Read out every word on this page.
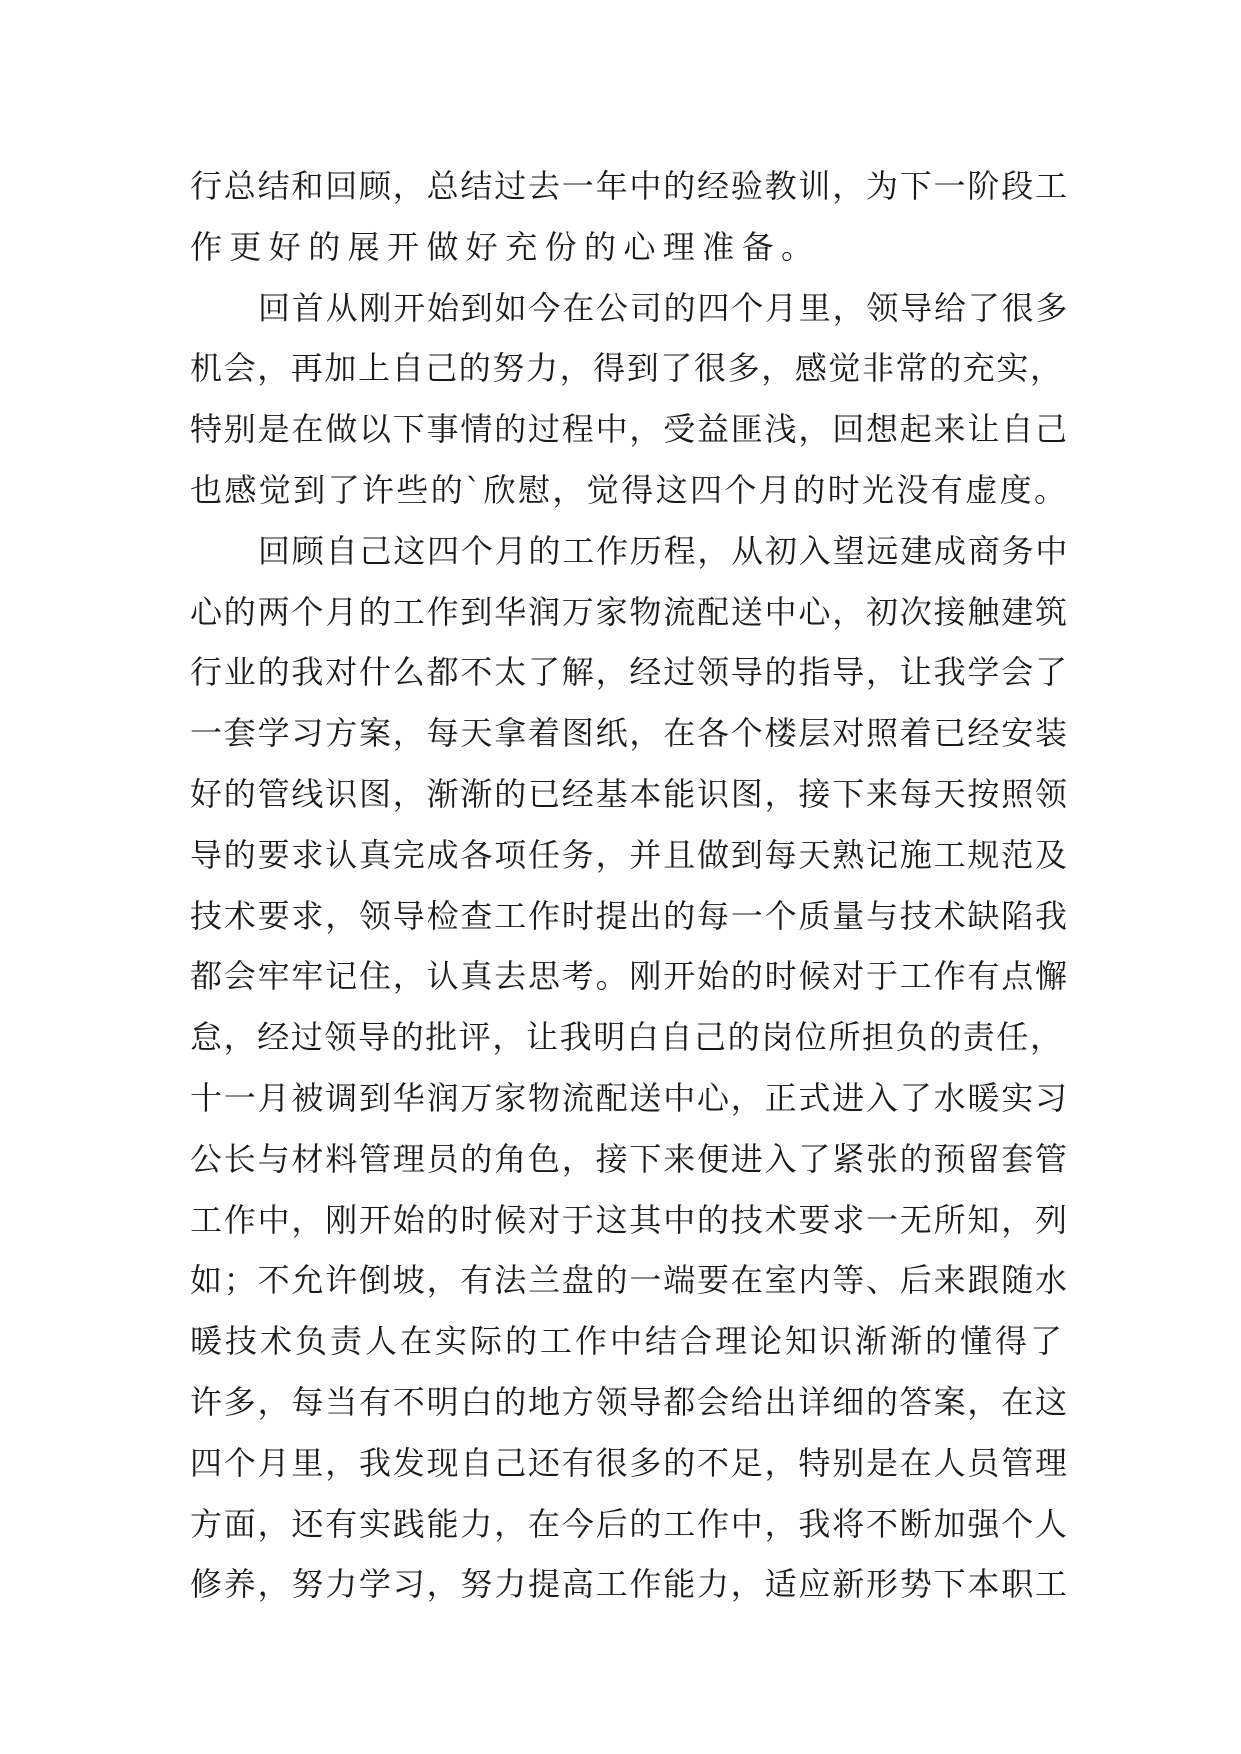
行总结和回顾，总结过去一年中的经验教训，为下一阶段工
作更好的展开做好充份的心理准备。
回首从刚开始到如今在公司的四个月里，领导给了很多
机会，再加上自己的努力，得到了很多，感觉非常的充实，
特别是在做以下事情的过程中，受益匪浅，回想起来让自己
也感觉到了许些的`欣慰，觉得这四个月的时光没有虚度。
回顾自己这四个月的工作历程，从初入望远建成商务中
心的两个月的工作到华润万家物流配送中心，初次接触建筑
行业的我对什么都不太了解，经过领导的指导，让我学会了
一套学习方案，每天拿着图纸，在各个楼层对照着已经安装
好的管线识图，渐渐的已经基本能识图，接下来每天按照领
导的要求认真完成各项任务，并且做到每天熟记施工规范及
技术要求，领导检查工作时提出的每一个质量与技术缺陷我
都会牢牢记住，认真去思考。刚开始的时候对于工作有点懈
怠，经过领导的批评，让我明白自己的岗位所担负的责任，
十一月被调到华润万家物流配送中心，正式进入了水暖实习
公长与材料管理员的角色，接下来便进入了紧张的预留套管
工作中，刚开始的时候对于这其中的技术要求一无所知，列
如；不允许倒坡，有法兰盘的一端要在室内等、后来跟随水
暖技术负责人在实际的工作中结合理论知识渐渐的懂得了
许多，每当有不明白的地方领导都会给出详细的答案，在这
四个月里，我发现自己还有很多的不足，特别是在人员管理
方面，还有实践能力，在今后的工作中，我将不断加强个人
修养，努力学习，努力提高工作能力，适应新形势下本职工
